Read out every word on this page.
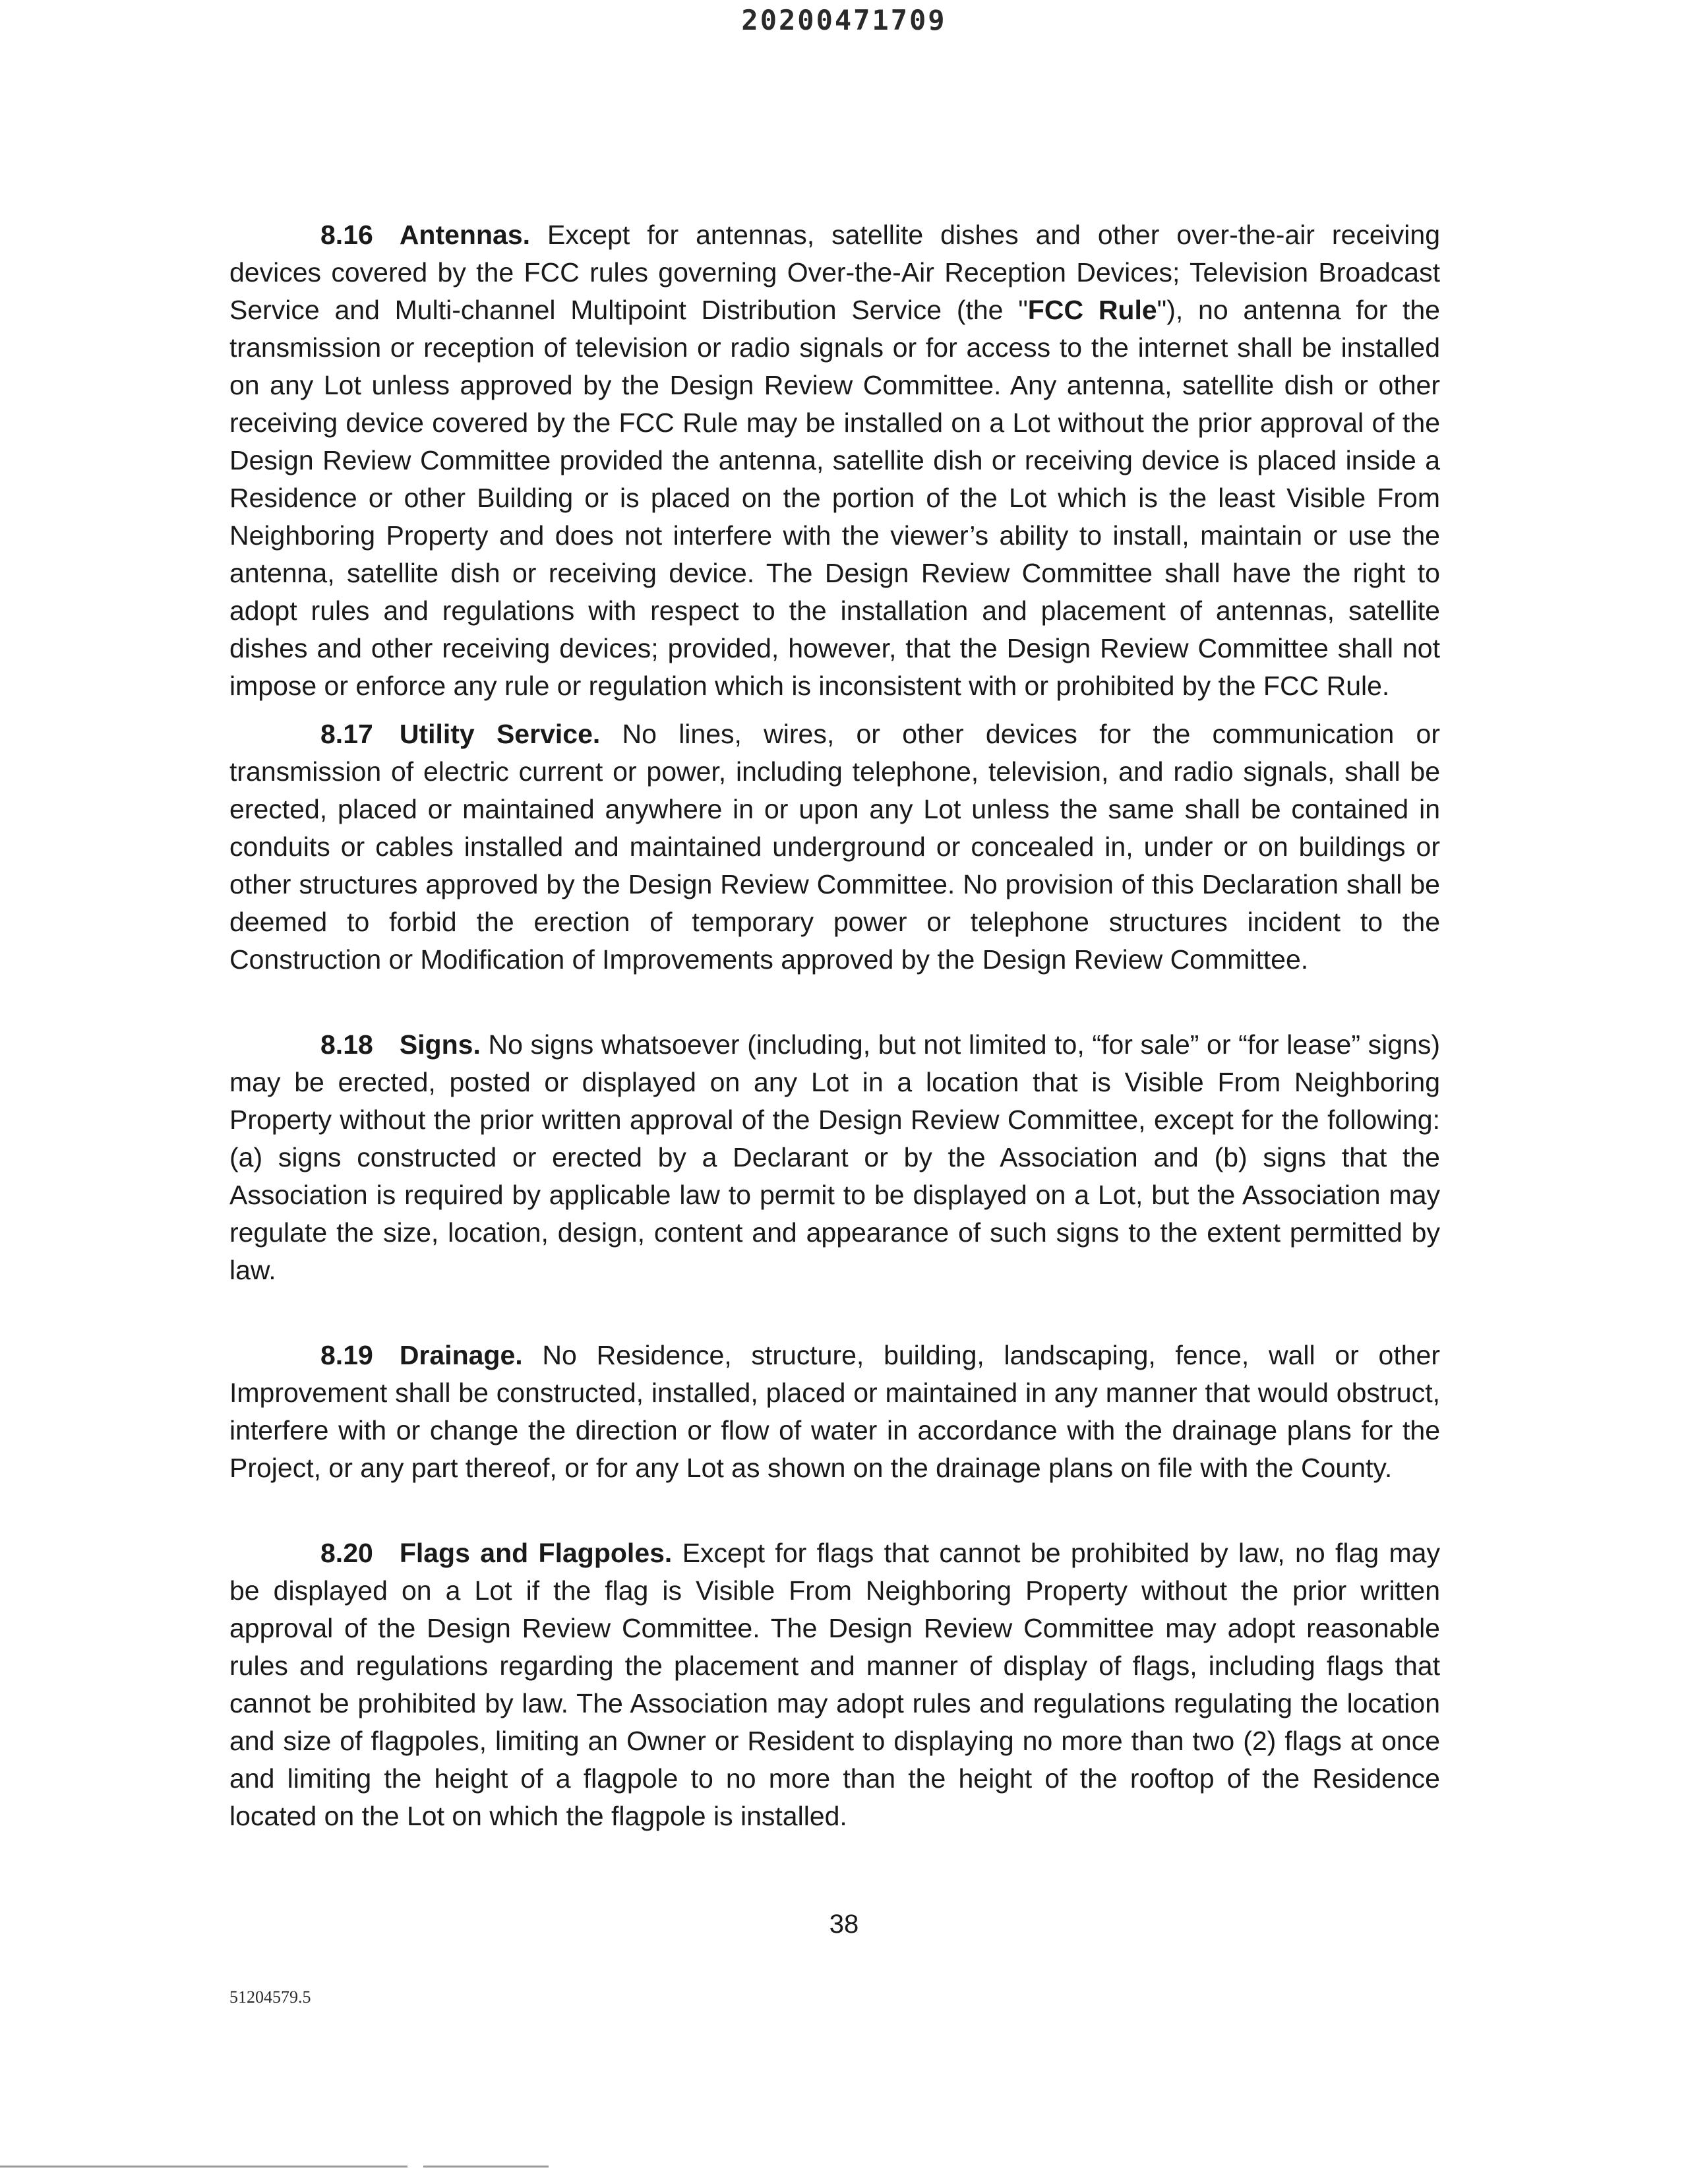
20200471709

8.16 Antennas. Except for antennas, satellite dishes and other over-the-air receiving devices covered by the FCC rules governing Over-the-Air Reception Devices; Television Broadcast Service and Multi-channel Multipoint Distribution Service (the "FCC Rule"), no antenna for the transmission or reception of television or radio signals or for access to the internet shall be installed on any Lot unless approved by the Design Review Committee. Any antenna, satellite dish or other receiving device covered by the FCC Rule may be installed on a Lot without the prior approval of the Design Review Committee provided the antenna, satellite dish or receiving device is placed inside a Residence or other Building or is placed on the portion of the Lot which is the least Visible From Neighboring Property and does not interfere with the viewer’s ability to install, maintain or use the antenna, satellite dish or receiving device. The Design Review Committee shall have the right to adopt rules and regulations with respect to the installation and placement of antennas, satellite dishes and other receiving devices; provided, however, that the Design Review Committee shall not impose or enforce any rule or regulation which is inconsistent with or prohibited by the FCC Rule.

8.17 Utility Service. No lines, wires, or other devices for the communication or transmission of electric current or power, including telephone, television, and radio signals, shall be erected, placed or maintained anywhere in or upon any Lot unless the same shall be contained in conduits or cables installed and maintained underground or concealed in, under or on buildings or other structures approved by the Design Review Committee. No provision of this Declaration shall be deemed to forbid the erection of temporary power or telephone structures incident to the Construction or Modification of Improvements approved by the Design Review Committee.

8.18 Signs. No signs whatsoever (including, but not limited to, “for sale” or “for lease” signs) may be erected, posted or displayed on any Lot in a location that is Visible From Neighboring Property without the prior written approval of the Design Review Committee, except for the following: (a) signs constructed or erected by a Declarant or by the Association and (b) signs that the Association is required by applicable law to permit to be displayed on a Lot, but the Association may regulate the size, location, design, content and appearance of such signs to the extent permitted by law.

8.19 Drainage. No Residence, structure, building, landscaping, fence, wall or other Improvement shall be constructed, installed, placed or maintained in any manner that would obstruct, interfere with or change the direction or flow of water in accordance with the drainage plans for the Project, or any part thereof, or for any Lot as shown on the drainage plans on file with the County.

8.20 Flags and Flagpoles. Except for flags that cannot be prohibited by law, no flag may be displayed on a Lot if the flag is Visible From Neighboring Property without the prior written approval of the Design Review Committee. The Design Review Committee may adopt reasonable rules and regulations regarding the placement and manner of display of flags, including flags that cannot be prohibited by law. The Association may adopt rules and regulations regulating the location and size of flagpoles, limiting an Owner or Resident to displaying no more than two (2) flags at once and limiting the height of a flagpole to no more than the height of the rooftop of the Residence located on the Lot on which the flagpole is installed.

38
51204579.5
